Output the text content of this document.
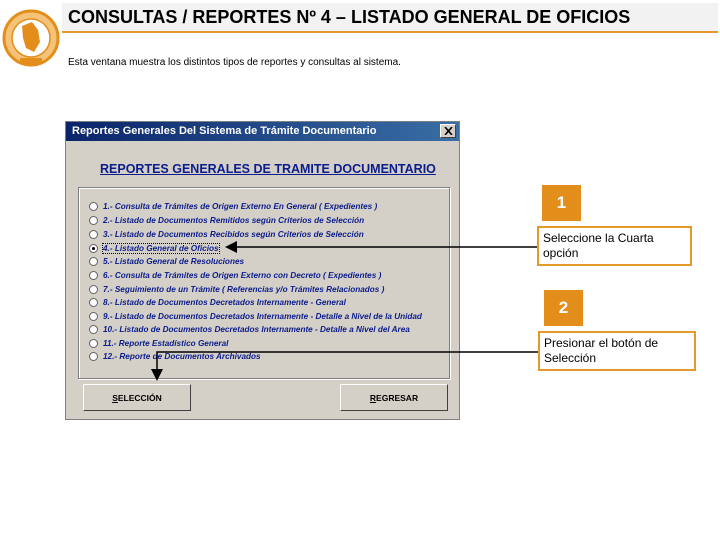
CONSULTAS / REPORTES Nº 4 – LISTADO GENERAL DE OFICIOS
Esta ventana muestra los distintos tipos de reportes y consultas al sistema.
Reportes Generales Del Sistema de Trámite Documentario
REPORTES GENERALES DE TRAMITE DOCUMENTARIO
1.- Consulta de Trámites de Origen Externo En General ( Expedientes )
2.- Listado de Documentos Remitidos según Criterios de Selección
3.- Listado de Documentos Recibidos según Criterios de Selección
4.- Listado General de Oficios
5.- Listado General de Resoluciones
6.- Consulta de Trámites de Origen Externo con Decreto ( Expedientes )
7.- Seguimiento de un Trámite ( Referencias y/o Trámites Relacionados )
8.- Listado de Documentos Decretados Internamente - General
9.- Listado de Documentos Decretados Internamente - Detalle a Nivel de la Unidad
10.- Listado de Documentos Decretados Internamente - Detalle a Nivel del Area
11.- Reporte Estadístico General
12.- Reporte de Documentos Archivados
SELECCIÓN	REGRESAR
1
Seleccione la Cuarta opción
2
Presionar el botón de Selección
